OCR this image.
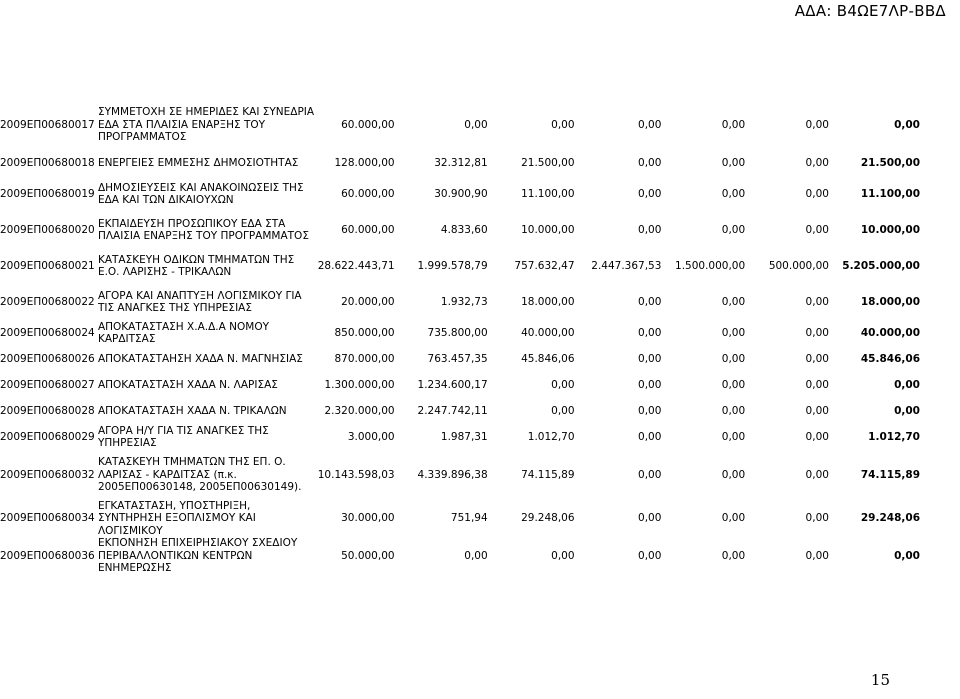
ΑΔΑ: Β4ΩΕ7ΛΡ-ΒΒΔ
2009ΕΠ00680017	ΣΥΜΜΕΤΟΧΗ ΣΕ ΗΜΕΡΙΔΕΣ ΚΑΙ ΣΥΝΕΔΡΙΑ ΕΔΑ ΣΤΑ ΠΛΑΙΣΙΑ ΕΝΑΡΞΗΣ ΤΟΥ ΠΡΟΓΡΑΜΜΑΤΟΣ	60.000,00	0,00	0,00	0,00	0,00	0,00	0,00
2009ΕΠ00680018	ΕΝΕΡΓΕΙΕΣ ΕΜΜΕΣΗΣ ΔΗΜΟΣΙΟΤΗΤΑΣ	128.000,00	32.312,81	21.500,00	0,00	0,00	0,00	21.500,00
2009ΕΠ00680019	ΔΗΜΟΣΙΕΥΣΕΙΣ ΚΑΙ ΑΝΑΚΟΙΝΩΣΕΙΣ ΤΗΣ ΕΔΑ ΚΑΙ ΤΩΝ ΔΙΚΑΙΟΥΧΩΝ	60.000,00	30.900,90	11.100,00	0,00	0,00	0,00	11.100,00
2009ΕΠ00680020	ΕΚΠΑΙΔΕΥΣΗ ΠΡΟΣΩΠΙΚΟΥ ΕΔΑ ΣΤΑ ΠΛΑΙΣΙΑ ΕΝΑΡΞΗΣ ΤΟΥ ΠΡΟΓΡΑΜΜΑΤΟΣ	60.000,00	4.833,60	10.000,00	0,00	0,00	0,00	10.000,00
2009ΕΠ00680021	ΚΑΤΑΣΚΕΥΗ ΟΔΙΚΩΝ ΤΜΗΜΑΤΩΝ ΤΗΣ Ε.Ο. ΛΑΡΙΣΗΣ - ΤΡΙΚΑΛΩΝ	28.622.443,71	1.999.578,79	757.632,47	2.447.367,53	1.500.000,00	500.000,00	5.205.000,00
2009ΕΠ00680022	ΑΓΟΡΑ ΚΑΙ ΑΝΑΠΤΥΞΗ ΛΟΓΙΣΜΙΚΟΥ ΓΙΑ ΤΙΣ ΑΝΑΓΚΕΣ ΤΗΣ ΥΠΗΡΕΣΙΑΣ	20.000,00	1.932,73	18.000,00	0,00	0,00	0,00	18.000,00
2009ΕΠ00680024	ΑΠΟΚΑΤΑΣΤΑΣΗ Χ.Α.Δ.Α ΝΟΜΟΥ ΚΑΡΔΙΤΣΑΣ	850.000,00	735.800,00	40.000,00	0,00	0,00	0,00	40.000,00
2009ΕΠ00680026	ΑΠΟΚΑΤΑΣΤΑΗΣΗ ΧΑΔΑ Ν. ΜΑΓΝΗΣΙΑΣ	870.000,00	763.457,35	45.846,06	0,00	0,00	0,00	45.846,06
2009ΕΠ00680027	ΑΠΟΚΑΤΑΣΤΑΣΗ ΧΑΔΑ Ν. ΛΑΡΙΣΑΣ	1.300.000,00	1.234.600,17	0,00	0,00	0,00	0,00	0,00
2009ΕΠ00680028	ΑΠΟΚΑΤΑΣΤΑΣΗ ΧΑΔΑ Ν. ΤΡΙΚΑΛΩΝ	2.320.000,00	2.247.742,11	0,00	0,00	0,00	0,00	0,00
2009ΕΠ00680029	ΑΓΟΡΑ Η/Υ ΓΙΑ ΤΙΣ ΑΝΑΓΚΕΣ ΤΗΣ ΥΠΗΡΕΣΙΑΣ	3.000,00	1.987,31	1.012,70	0,00	0,00	0,00	1.012,70
2009ΕΠ00680032	ΚΑΤΑΣΚΕΥΗ ΤΜΗΜΑΤΩΝ ΤΗΣ ΕΠ. Ο. ΛΑΡΙΣΑΣ - ΚΑΡΔΙΤΣΑΣ (π.κ. 2005ΕΠ00630148, 2005ΕΠ00630149).	10.143.598,03	4.339.896,38	74.115,89	0,00	0,00	0,00	74.115,89
2009ΕΠ00680034	ΕΓΚΑΤΑΣΤΑΣΗ, ΥΠΟΣΤΗΡΙΞΗ, ΣΥΝΤΗΡΗΣΗ ΕΞΟΠΛΙΣΜΟΥ ΚΑΙ ΛΟΓΙΣΜΙΚΟΥ	30.000,00	751,94	29.248,06	0,00	0,00	0,00	29.248,06
2009ΕΠ00680036	ΕΚΠΟΝΗΣΗ ΕΠΙΧΕΙΡΗΣΙΑΚΟΥ ΣΧΕΔΙΟΥ ΠΕΡΙΒΑΛΛΟΝΤΙΚΩΝ ΚΕΝΤΡΩΝ ΕΝΗΜΕΡΩΣΗΣ	50.000,00	0,00	0,00	0,00	0,00	0,00	0,00
15
